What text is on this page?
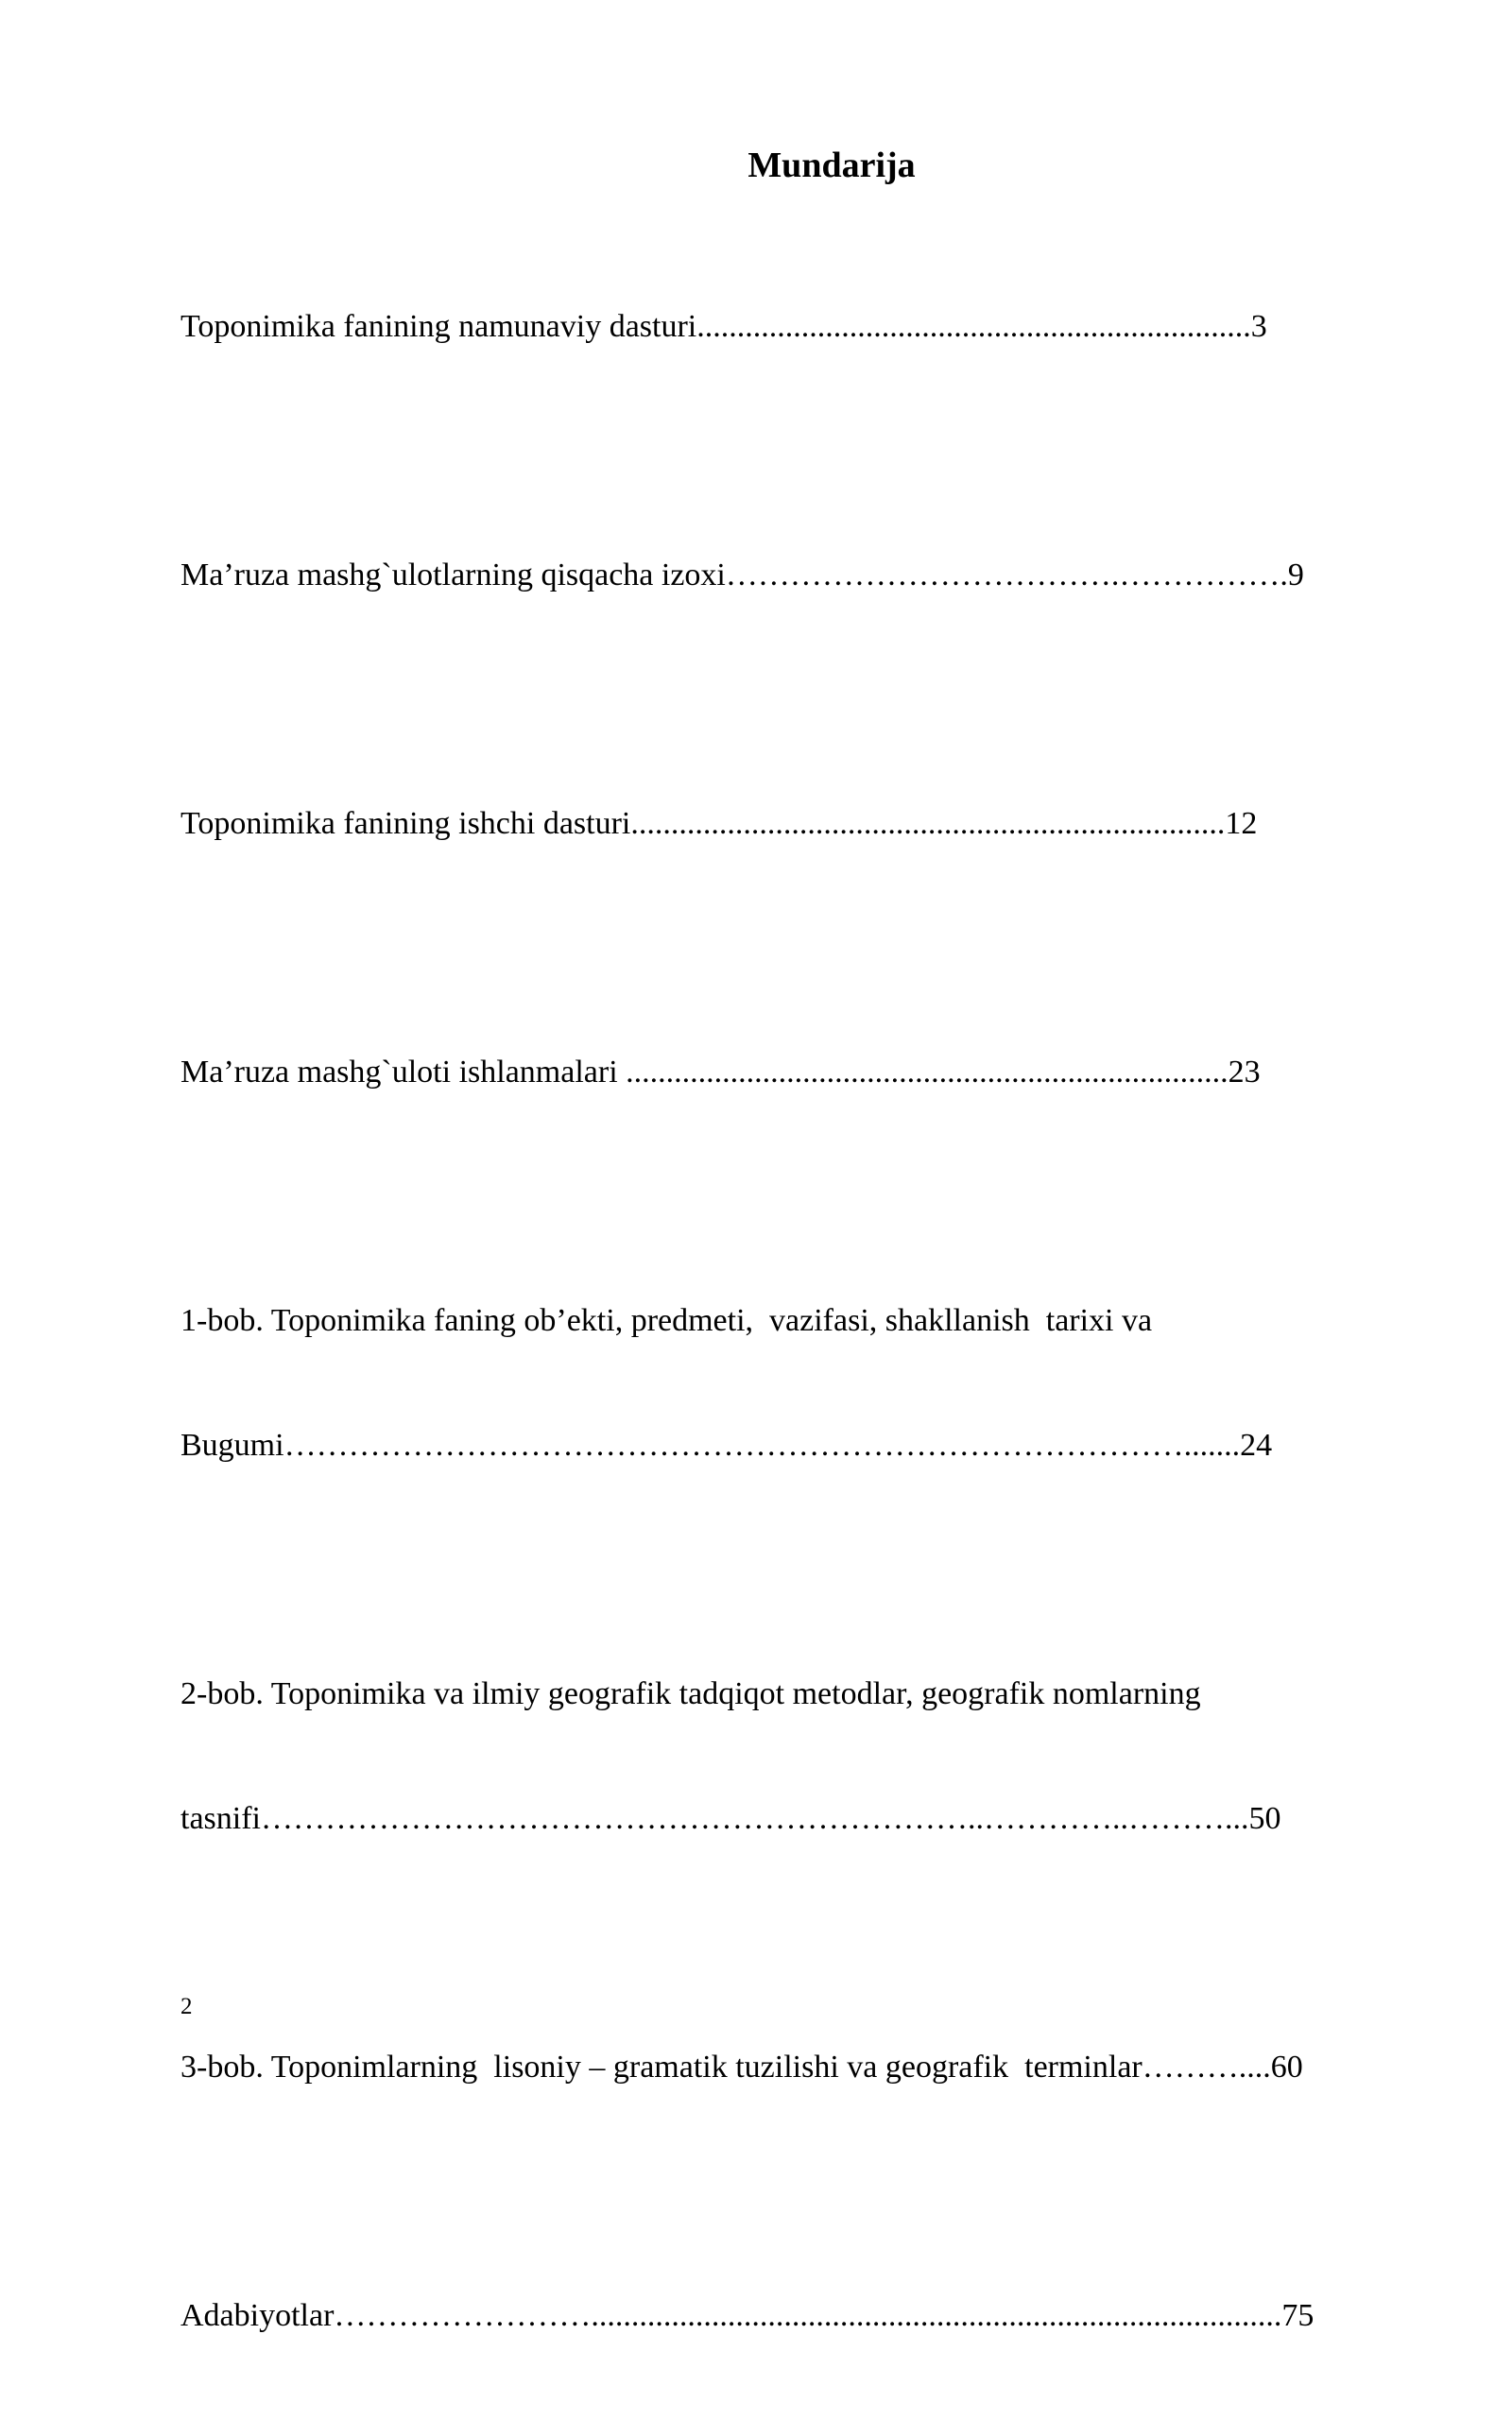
Mundarija

Toponimika fanining namunaviy dasturi.....................................................................3

Ma’ruza mashg`ulotlarning qisqacha izoxi……………………………….…………….9

Toponimika fanining ishchi dasturi..........................................................................12

Ma’ruza mashg`uloti ishlanmalari ...........................................................................23

1-bob. Toponimika faning ob’ekti, predmeti,  vazifasi, shakllanish  tarixi va

Bugumi………………………………………………………………………….......24

2-bob. Toponimika va ilmiy geografik tadqiqot metodlar, geografik nomlarning

tasnifi…………………………………………………………..…………..………...50

3-bob. Toponimlarning  lisoniy – gramatik tuzilishi va geografik  terminlar………....60

Adabiyotlar……………………......................................................................................75

2
